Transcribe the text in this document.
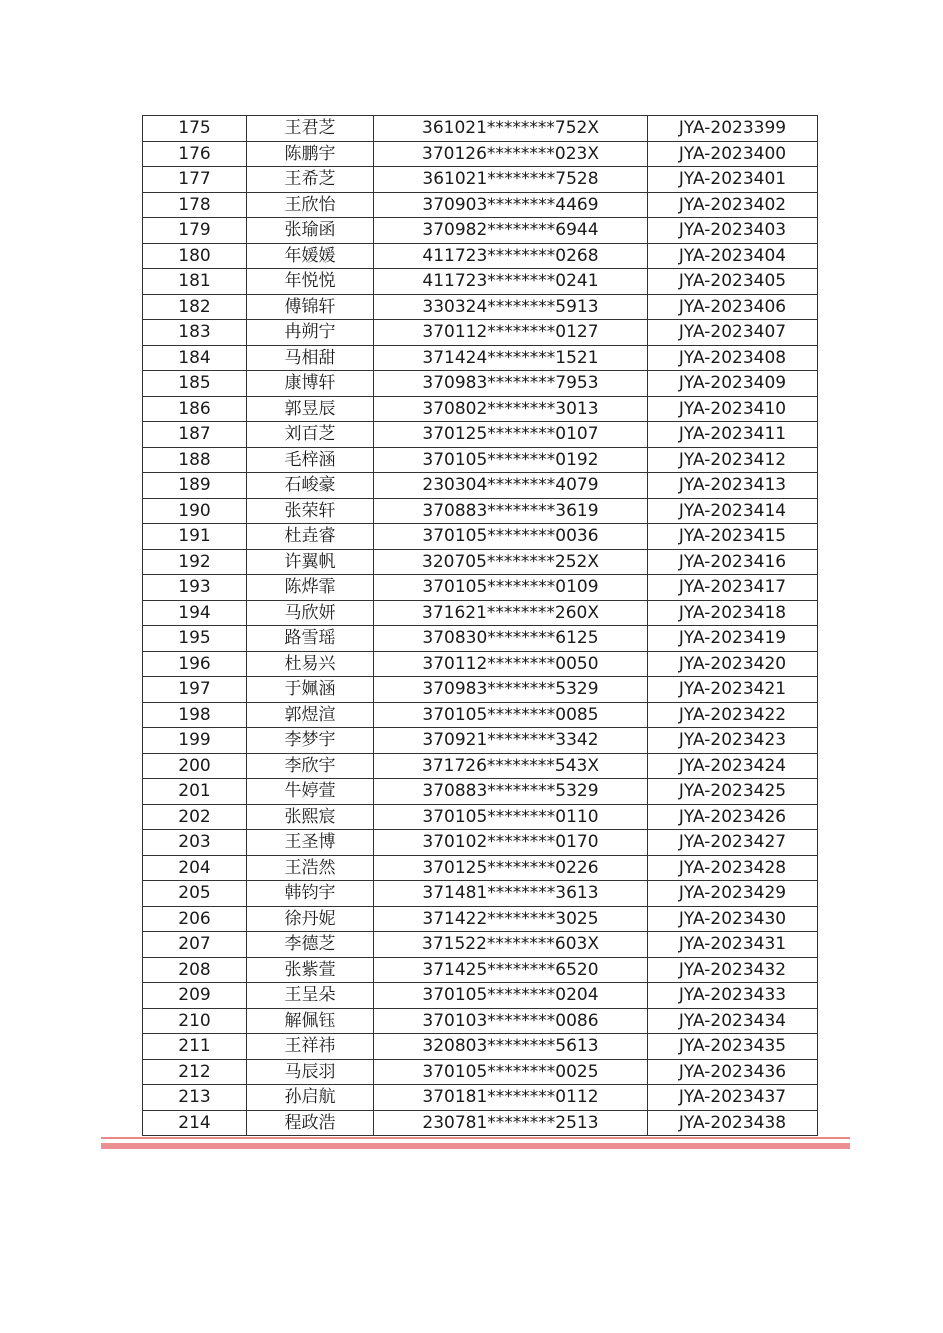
175	王君芝	361021********752X	JYA-2023399
176	陈鹏宇	370126********023X	JYA-2023400
177	王希芝	361021********7528	JYA-2023401
178	王欣怡	370903********4469	JYA-2023402
179	张瑜函	370982********6944	JYA-2023403
180	年媛媛	411723********0268	JYA-2023404
181	年悦悦	411723********0241	JYA-2023405
182	傅锦轩	330324********5913	JYA-2023406
183	冉朔宁	370112********0127	JYA-2023407
184	马相甜	371424********1521	JYA-2023408
185	康博轩	370983********7953	JYA-2023409
186	郭昱辰	370802********3013	JYA-2023410
187	刘百芝	370125********0107	JYA-2023411
188	毛梓涵	370105********0192	JYA-2023412
189	石峻豪	230304********4079	JYA-2023413
190	张荣轩	370883********3619	JYA-2023414
191	杜垚睿	370105********0036	JYA-2023415
192	许翼帆	320705********252X	JYA-2023416
193	陈烨霏	370105********0109	JYA-2023417
194	马欣妍	371621********260X	JYA-2023418
195	路雪瑶	370830********6125	JYA-2023419
196	杜易兴	370112********0050	JYA-2023420
197	于姵涵	370983********5329	JYA-2023421
198	郭煜渲	370105********0085	JYA-2023422
199	李梦宇	370921********3342	JYA-2023423
200	李欣宇	371726********543X	JYA-2023424
201	牛婷萱	370883********5329	JYA-2023425
202	张熙宸	370105********0110	JYA-2023426
203	王圣博	370102********0170	JYA-2023427
204	王浩然	370125********0226	JYA-2023428
205	韩钧宇	371481********3613	JYA-2023429
206	徐丹妮	371422********3025	JYA-2023430
207	李德芝	371522********603X	JYA-2023431
208	张紫萱	371425********6520	JYA-2023432
209	王呈朵	370105********0204	JYA-2023433
210	解佩钰	370103********0086	JYA-2023434
211	王祥祎	320803********5613	JYA-2023435
212	马辰羽	370105********0025	JYA-2023436
213	孙启航	370181********0112	JYA-2023437
214	程政浩	230781********2513	JYA-2023438
